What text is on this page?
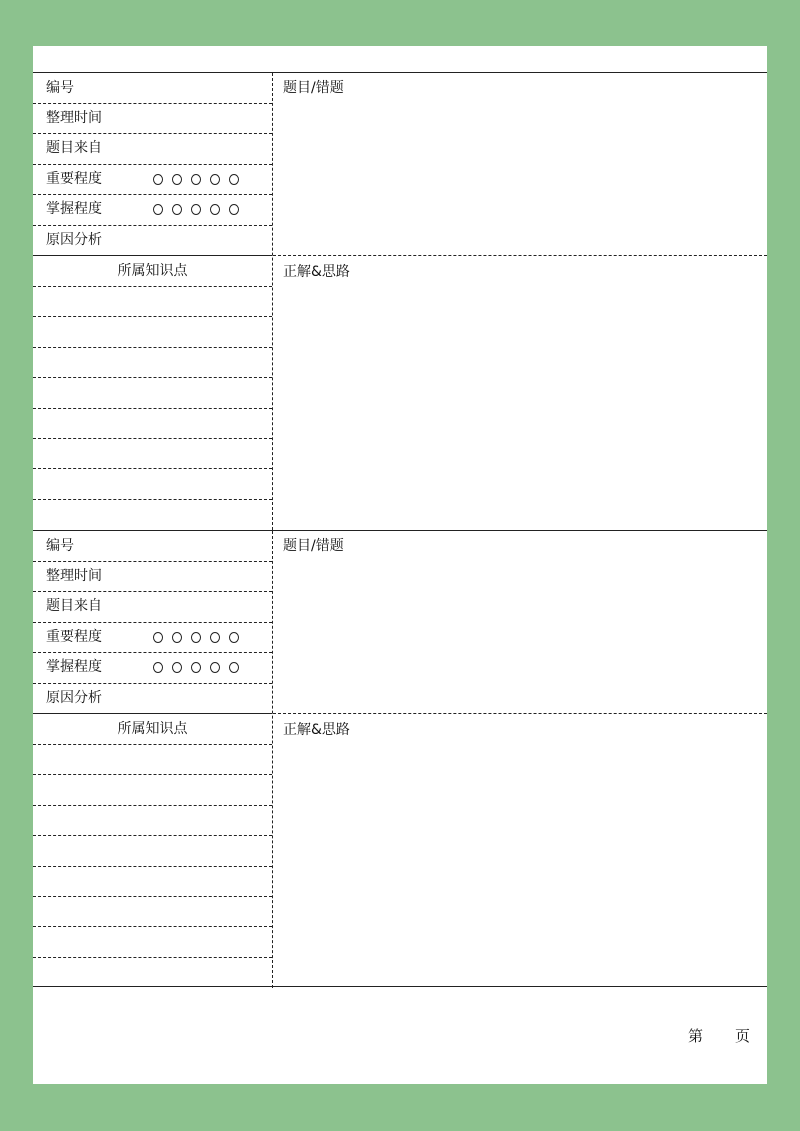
编号
整理时间
题目来自
重要程度
掌握程度
原因分析
所属知识点
题目/错题
正解&思路
编号
整理时间
题目来自
重要程度
掌握程度
原因分析
所属知识点
题目/错题
正解&思路
第 页
